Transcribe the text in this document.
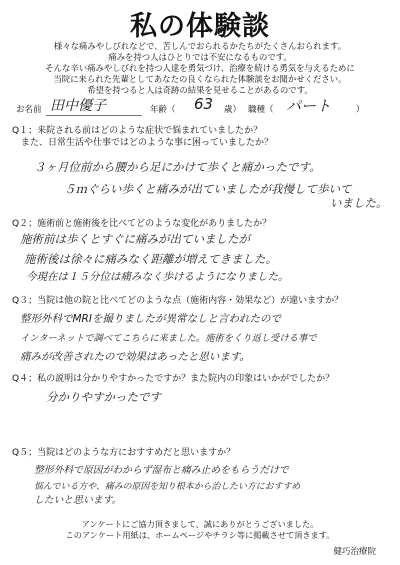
私の体験談
様々な痛みやしびれなどで、苦しんでおられるかたちがたくさんおられます。
痛みを持つ人はひとりでは不安になるものです。
そんな辛い痛みやしびれを持つ人達を勇気づけ、治療を続ける勇気を与えるために
当院に来られた先輩としてあなたの良くなられた体験談をお聞かせください。
希望を持つると人は奇跡の結果を見せることがあるのです。
お名前 田中優子	年齢（ 63 歳） 職種（ パート	）
Q１；来院される前はどのような症状で悩まれていましたか？
　また、日常生活や仕事ではどのような事に困っていましたか？
３ヶ月位前から腰から足にかけて歩くと痛かったです。
５ｍぐらい歩くと痛みが出ていましたが我慢して歩いて
いました。
Q２；施術前と施術後を比べてどのような変化がありましたか？
施術前は歩くとすぐに痛みが出ていましたが
施術後は徐々に痛みなく距離が増えてきました。
今現在は１５分位は痛みなく歩けるようになりました。
Q３；当院は他の院と比べてどのような点（施術内容・効果など）が違いますか？
整形外科でMRIを撮りましたが異常なしと言われたので
インターネットで調べてこちらに来ました。施術をくり返し受ける事で
痛みが改善されたので効果はあったと思います。
Q４；私の説明は分かりやすかったですか？また院内の印象はいかがでしたか？
分かりやすかったです
Q５；当院はどのような方におすすめだと思いますか？
整形外科で原因がわからず湿布と痛み止めをもらうだけで
悩んでいる方や、痛みの原因を知り根本から治したい方におすすめ
したいと思います。
アンケートにご協力頂きまして、誠にありがとうございました。
このアンケート用紙は、ホームページやチラシ等に掲載させて頂きます。
健巧治療院
